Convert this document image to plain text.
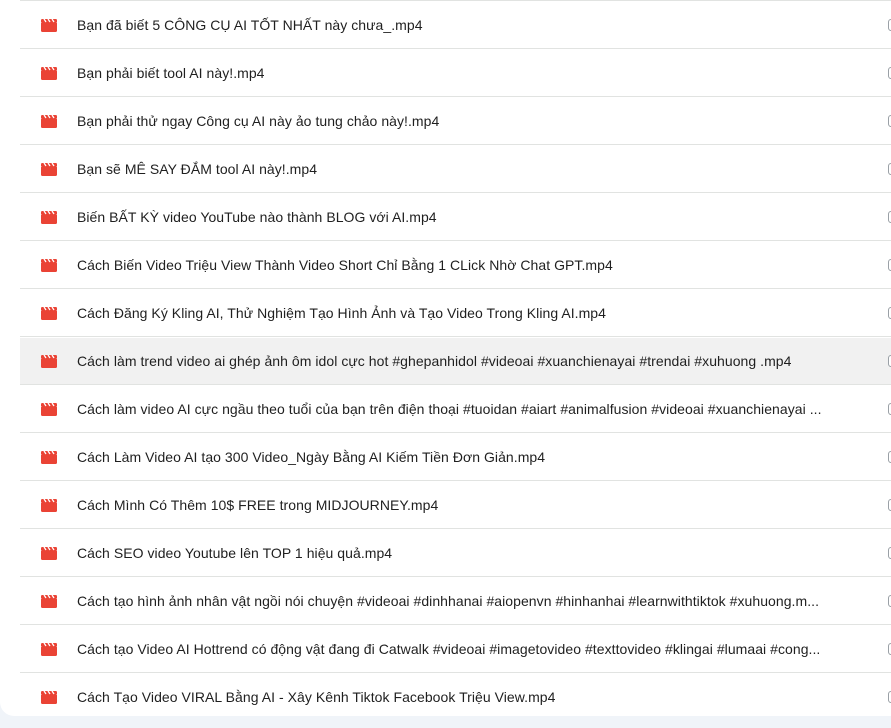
Bạn đã biết 5 CÔNG CỤ AI TỐT NHẤT này chưa_.mp4
Bạn phải biết tool AI này!.mp4
Bạn phải thử ngay Công cụ AI này ảo tung chảo này!.mp4
Bạn sẽ MÊ SAY ĐẮM tool AI này!.mp4
Biến BẤT KỲ video YouTube nào thành BLOG với AI.mp4
Cách Biến Video Triệu View Thành Video Short Chỉ Bằng 1 CLick Nhờ Chat GPT.mp4
Cách Đăng Ký Kling AI, Thử Nghiệm Tạo Hình Ảnh và Tạo Video Trong Kling AI.mp4
Cách làm trend video ai ghép ảnh ôm idol cực hot #ghepanhidol #videoai #xuanchienayai #trendai #xuhuong .mp4
Cách làm video AI cực ngầu theo tuổi của bạn trên điện thoại #tuoidan #aiart #animalfusion #videoai #xuanchienayai ...
Cách Làm Video AI tạo 300 Video_Ngày Bằng AI Kiếm Tiền Đơn Giản.mp4
Cách Mình Có Thêm 10$ FREE trong MIDJOURNEY.mp4
Cách SEO video Youtube lên TOP 1 hiệu quả.mp4
Cách tạo hình ảnh nhân vật ngồi nói chuyện #videoai #dinhhanai #aiopenvn #hinhanhai #learnwithtiktok #xuhuong.m...
Cách tạo Video AI Hottrend có động vật đang đi Catwalk #videoai #imagetovideo #texttovideo #klingai #lumaai #cong...
Cách Tạo Video VIRAL Bằng AI - Xây Kênh Tiktok Facebook Triệu View.mp4
